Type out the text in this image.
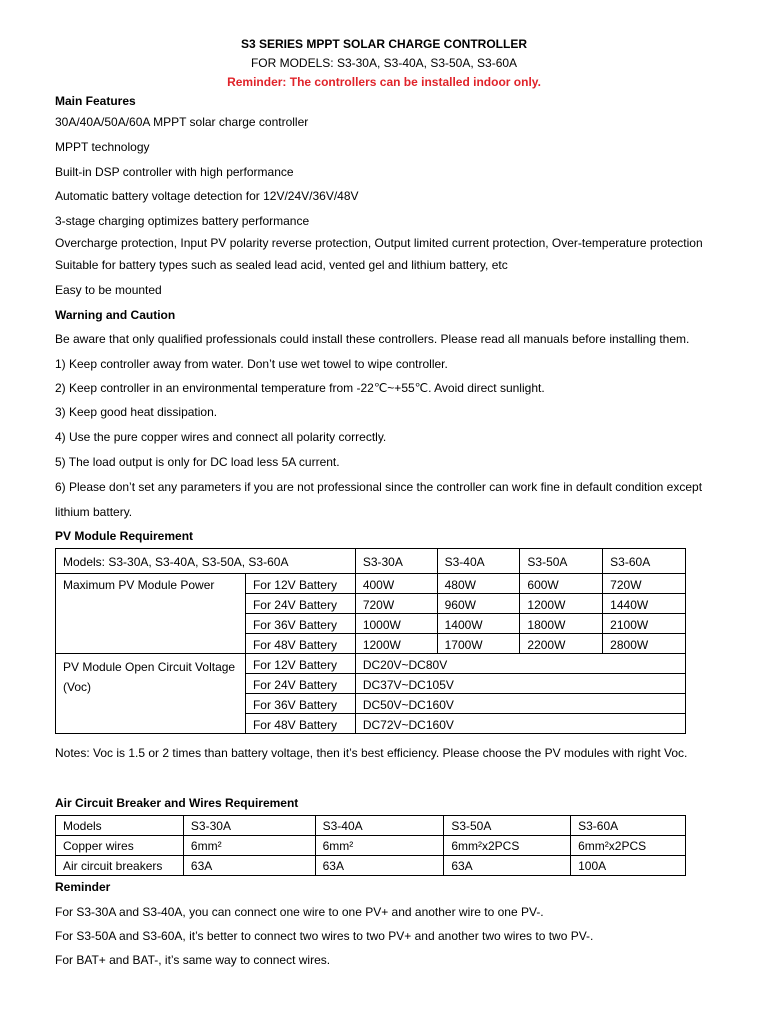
S3 SERIES MPPT SOLAR CHARGE CONTROLLER
FOR MODELS: S3-30A, S3-40A, S3-50A, S3-60A
Reminder: The controllers can be installed indoor only.
Main Features
30A/40A/50A/60A MPPT solar charge controller
MPPT technology
Built-in DSP controller with high performance
Automatic battery voltage detection for 12V/24V/36V/48V
3-stage charging optimizes battery performance
Overcharge protection, Input PV polarity reverse protection, Output limited current protection, Over-temperature protection
Suitable for battery types such as sealed lead acid, vented gel and lithium battery, etc
Easy to be mounted
Warning and Caution
Be aware that only qualified professionals could install these controllers. Please read all manuals before installing them.
1) Keep controller away from water. Don’t use wet towel to wipe controller.
2) Keep controller in an environmental temperature from -22℃~+55℃. Avoid direct sunlight.
3) Keep good heat dissipation.
4) Use the pure copper wires and connect all polarity correctly.
5) The load output is only for DC load less 5A current.
6) Please don’t set any parameters if you are not professional since the controller can work fine in default condition except
lithium battery.
PV Module Requirement
Models: S3-30A, S3-40A, S3-50A, S3-60A		S3-30A	S3-40A	S3-50A	S3-60A
Maximum PV Module Power	For 12V Battery	400W	480W	600W	720W
	For 24V Battery	720W	960W	1200W	1440W
	For 36V Battery	1000W	1400W	1800W	2100W
	For 48V Battery	1200W	1700W	2200W	2800W

PV Module Open Circuit Voltage
(Voc)	For 12V Battery	DC20V~DC80V			
	For 24V Battery	DC37V~DC105V			
	For 36V Battery	DC50V~DC160V			
	For 48V Battery	DC72V~DC160V			
Notes: Voc is 1.5 or 2 times than battery voltage, then it’s best efficiency. Please choose the PV modules with right Voc.
Air Circuit Breaker and Wires Requirement
Models	S3-30A	S3-40A	S3-50A	S3-60A
Copper wires	6mm²	6mm²	6mm²x2PCS	6mm²x2PCS
Air circuit breakers	63A	63A	63A	100A
Reminder
For S3-30A and S3-40A, you can connect one wire to one PV+ and another wire to one PV-.
For S3-50A and S3-60A, it’s better to connect two wires to two PV+ and another two wires to two PV-.
For BAT+ and BAT-, it’s same way to connect wires.
